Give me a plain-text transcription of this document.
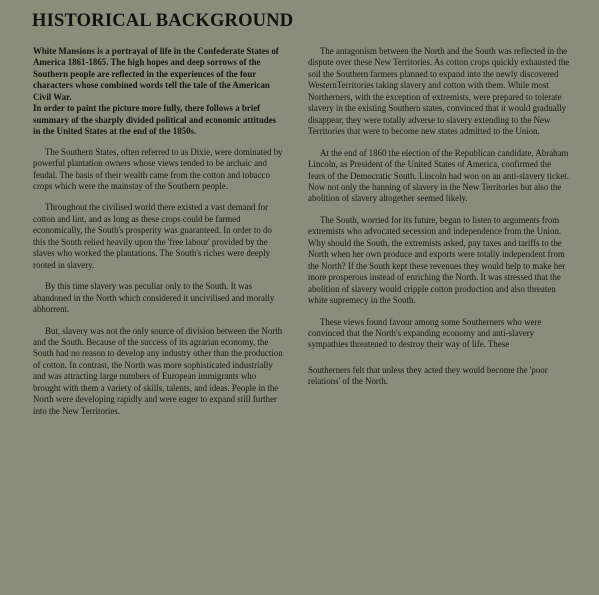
HISTORICAL BACKGROUND

White Mansions is a portrayal of life in the Confederate States of America 1861-1865. The high hopes and deep sorrows of the Southern people are reflected in the experiences of the four characters whose combined words tell the tale of the American Civil War.

In order to paint the picture more fully, there follows a brief summary of the sharply divided political and economic attitudes in the United States at the end of the 1850s.

The Southern States, often referred to as Dixie, were dominated by powerful plantation owners whose views tended to be archaic and feudal. The basis of their wealth came from the cotton and tobacco crops which were the mainstay of the Southern people.

Throughout the civilised world there existed a vast demand for cotton and lint, and as long as these crops could be farmed economically, the South's prosperity was guaranteed. In order to do this the South relied heavily upon the 'free labour' provided by the slaves who worked the plantations. The South's riches were deeply rooted in slavery.

By this time slavery was peculiar only to the South. It was abandoned in the North which considered it uncivilised and morally abhorrent.

But, slavery was not the only source of division between the North and the South. Because of the success of its agrarian economy, the South had no reason to develop any industry other than the production of cotton. In contrast, the North was more sophisticated industrially and was attracting large numbers of European immigrants who brought with them a variety of skills, talents, and ideas. People in the North were developing rapidly and were eager to expand still further into the New Territories.

The antagonism between the North and the South was reflected in the dispute over these New Territories. As cotton crops quickly exhausted the soil the Southern farmers planned to expand into the newly discovered WesternTerritories taking slavery and cotton with them. While most Northerners, with the exception of extremists, were prepared to tolerate slavery in the existing Southern states, convinced that it would gradually disappear, they were totally adverse to slavery extending to the New Territories that were to become new states admitted to the Union.

At the end of 1860 the election of the Republican candidate, Abraham Lincoln, as President of the United States of America, confirmed the fears of the Democratic South. Lincoln had won on an anti-slavery ticket. Now not only the banning of slavery in the New Territories but also the abolition of slavery altogether seemed likely.

The South, worried for its future, began to listen to arguments from extremists who advocated secession and independence from the Union. Why should the South, the extremists asked, pay taxes and tariffs to the North when her own produce and exports were totally independent from the North? If the South kept these revenues they would help to make her more prosperous instead of enriching the North. It was stressed that the abolition of slavery would cripple cotton production and also threaten white supremecy in the South.

These views found favour among some Southerners who were convinced that the North's expanding economy and anti-slavery sympathies threatened to destroy their way of life. These

Southerners felt that unless they acted they would become the 'poor relations' of the North.
